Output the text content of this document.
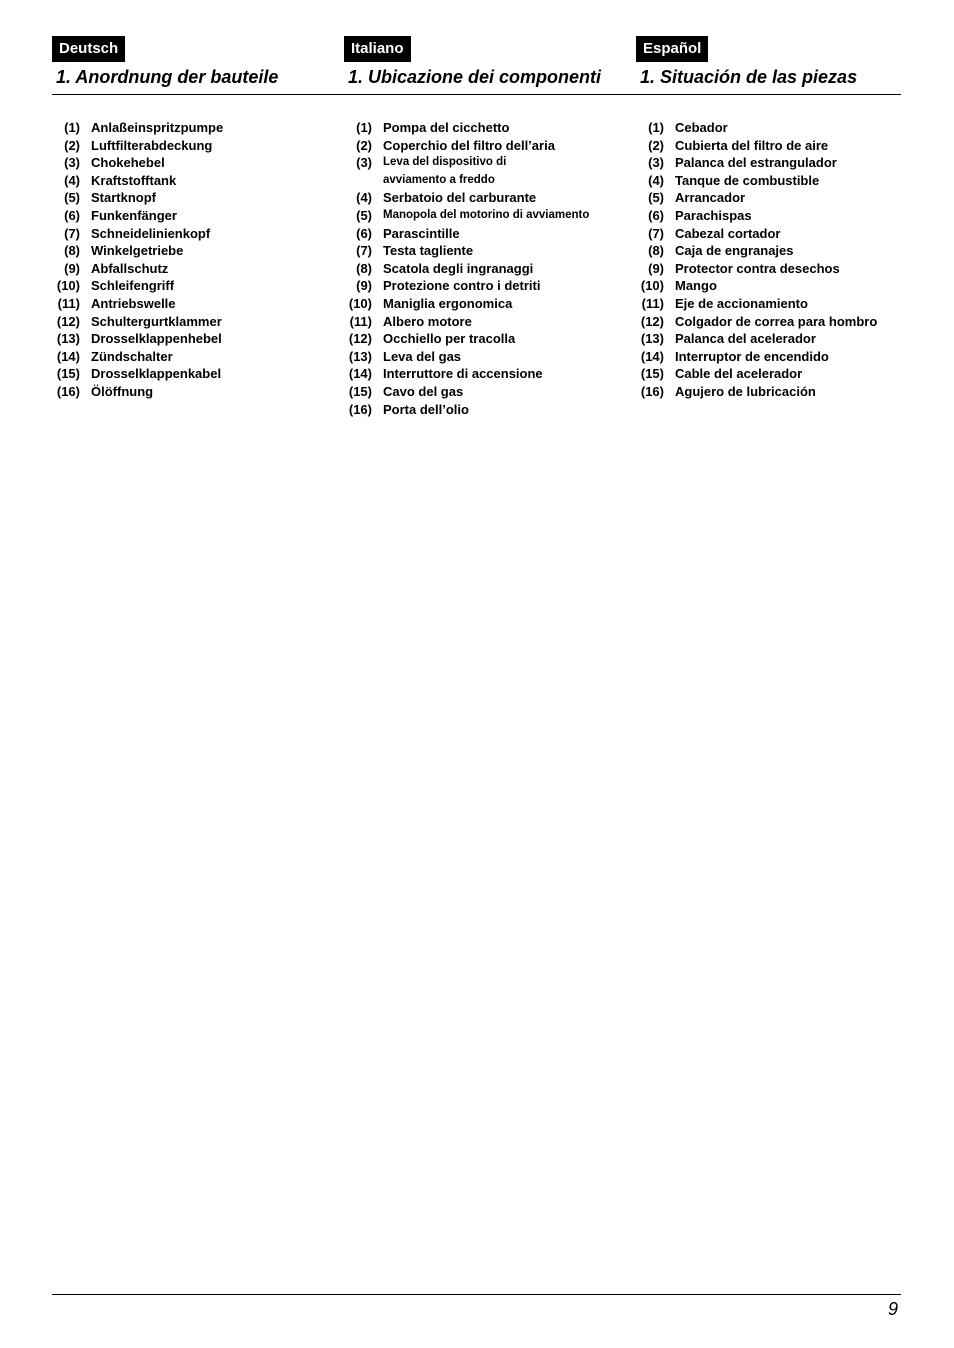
Deutsch
1. Anordnung der bauteile
Italiano
1. Ubicazione dei componenti
Español
1. Situación de las piezas
(1) Anlaßeinspritzpumpe
(2) Luftfilterabdeckung
(3) Chokehebel
(4) Kraftstofftank
(5) Startknopf
(6) Funkenfänger
(7) Schneidelinienkopf
(8) Winkelgetriebe
(9) Abfallschutz
(10) Schleifengriff
(11) Antriebswelle
(12) Schultergurtklammer
(13) Drosselklappenhebel
(14) Zündschalter
(15) Drosselklappenkabel
(16) Ölöffnung
(1) Pompa del cicchetto
(2) Coperchio del filtro dell’aria
(3) Leva del dispositivo di
avviamento a freddo
(4) Serbatoio del carburante
(5) Manopola del motorino di avviamento
(6) Parascintille
(7) Testa tagliente
(8) Scatola degli ingranaggi
(9) Protezione contro i detriti
(10) Maniglia ergonomica
(11) Albero motore
(12) Occhiello per tracolla
(13) Leva del gas
(14) Interruttore di accensione
(15) Cavo del gas
(16) Porta dell’olio
(1) Cebador
(2) Cubierta del filtro de aire
(3) Palanca del estrangulador
(4) Tanque de combustible
(5) Arrancador
(6) Parachispas
(7) Cabezal cortador
(8) Caja de engranajes
(9) Protector contra desechos
(10) Mango
(11) Eje de accionamiento
(12) Colgador de correa para hombro
(13) Palanca del acelerador
(14) Interruptor de encendido
(15) Cable del acelerador
(16) Agujero de lubricación
9
